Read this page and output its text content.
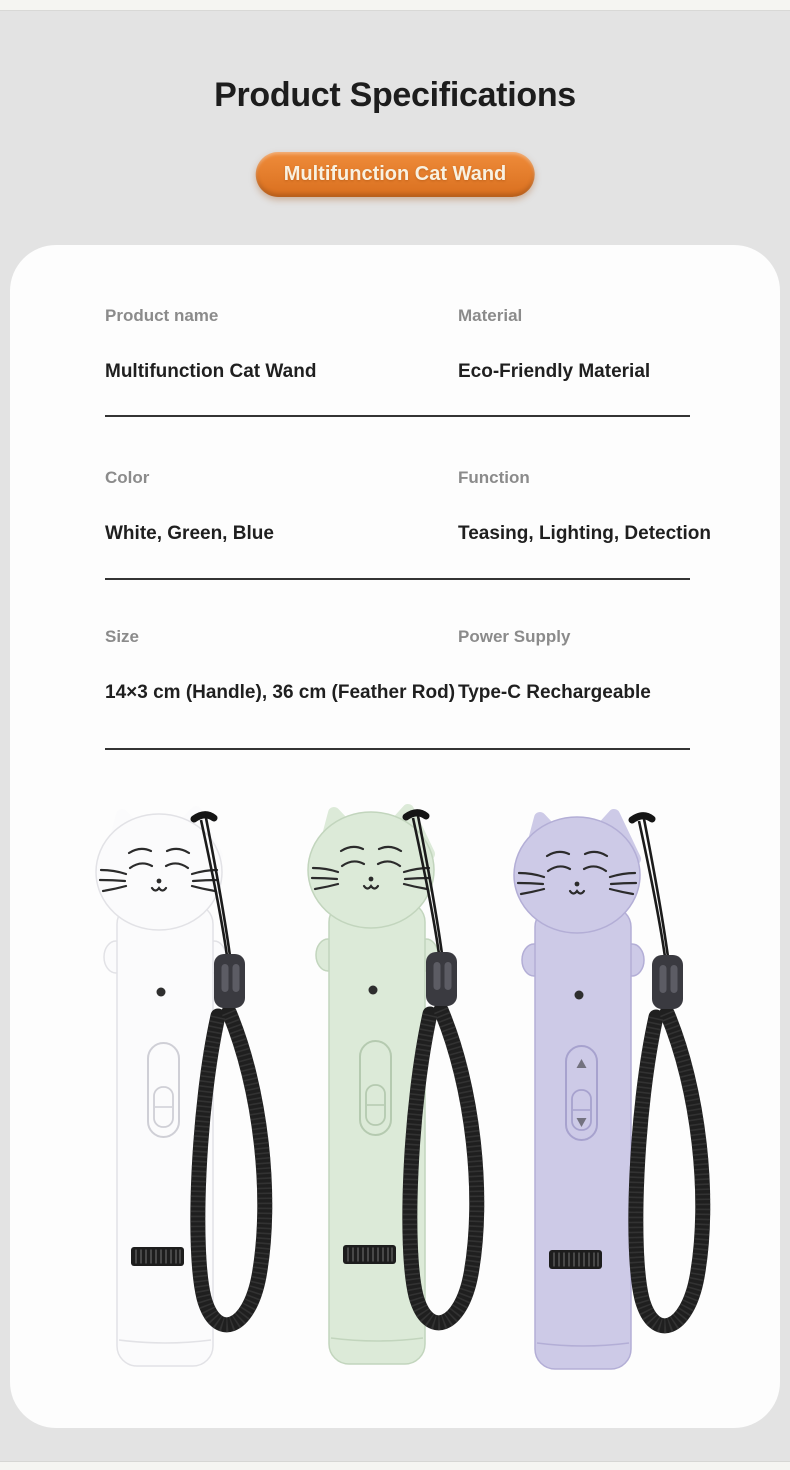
Product Specifications
Multifunction Cat Wand
Product name
Multifunction Cat Wand
Material
Eco-Friendly Material
Color
White, Green, Blue
Function
Teasing, Lighting, Detection
Size
14×3 cm (Handle), 36 cm (Feather Rod)
Power Supply
Type-C Rechargeable
